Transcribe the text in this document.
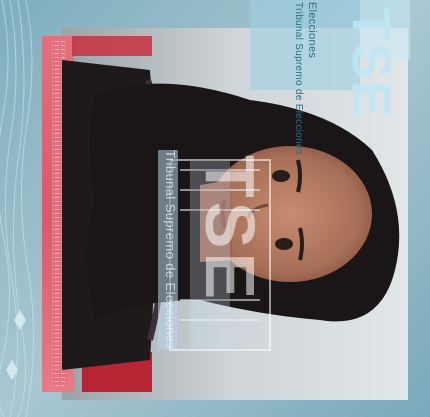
TSE
Elecciones
Tribunal Supremo de Elecciones
Tribunal Supremo de Elecciones TSE
